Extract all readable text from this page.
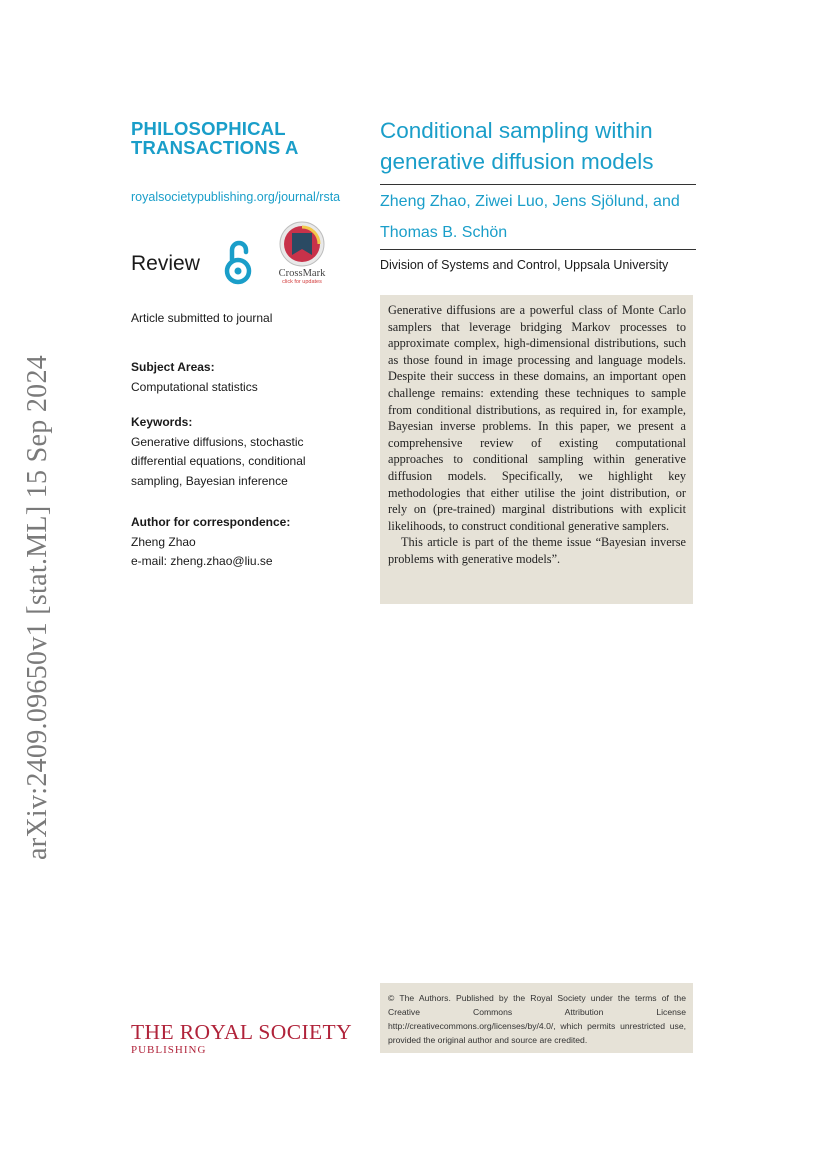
arXiv:2409.09650v1 [stat.ML] 15 Sep 2024
PHILOSOPHICAL
TRANSACTIONS A
royalsocietypublishing.org/journal/rsta
Review	CrossMark
click for updates
Article submitted to journal
Subject Areas:
Computational statistics
Keywords:
Generative diffusions, stochastic
differential equations, conditional
sampling, Bayesian inference
Author for correspondence:
Zheng Zhao
e-mail: zheng.zhao@liu.se
Conditional sampling within
generative diffusion models
Zheng Zhao, Ziwei Luo, Jens Sjölund, and
Thomas B. Schön
Division of Systems and Control, Uppsala University

Generative diffusions are a powerful class of Monte Carlo samplers that leverage bridging Markov processes to approximate complex, high-dimensional distributions, such as those found in image processing and language models. Despite their success in these domains, an important open challenge remains: extending these techniques to sample from conditional distributions, as required in, for example, Bayesian inverse problems. In this paper, we present a comprehensive review of existing computational approaches to conditional sampling within generative diffusion models. Specifically, we highlight key methodologies that either utilise the joint distribution, or rely on (pre-trained) marginal distributions with explicit likelihoods, to construct conditional generative samplers.

This article is part of the theme issue “Bayesian inverse problems with generative models”.

© The Authors. Published by the Royal Society under the terms of the Creative Commons Attribution License http://creativecommons.org/licenses/by/4.0/, which permits unrestricted use, provided the original author and source are credited.
THE ROYAL SOCIETY
PUBLISHING
